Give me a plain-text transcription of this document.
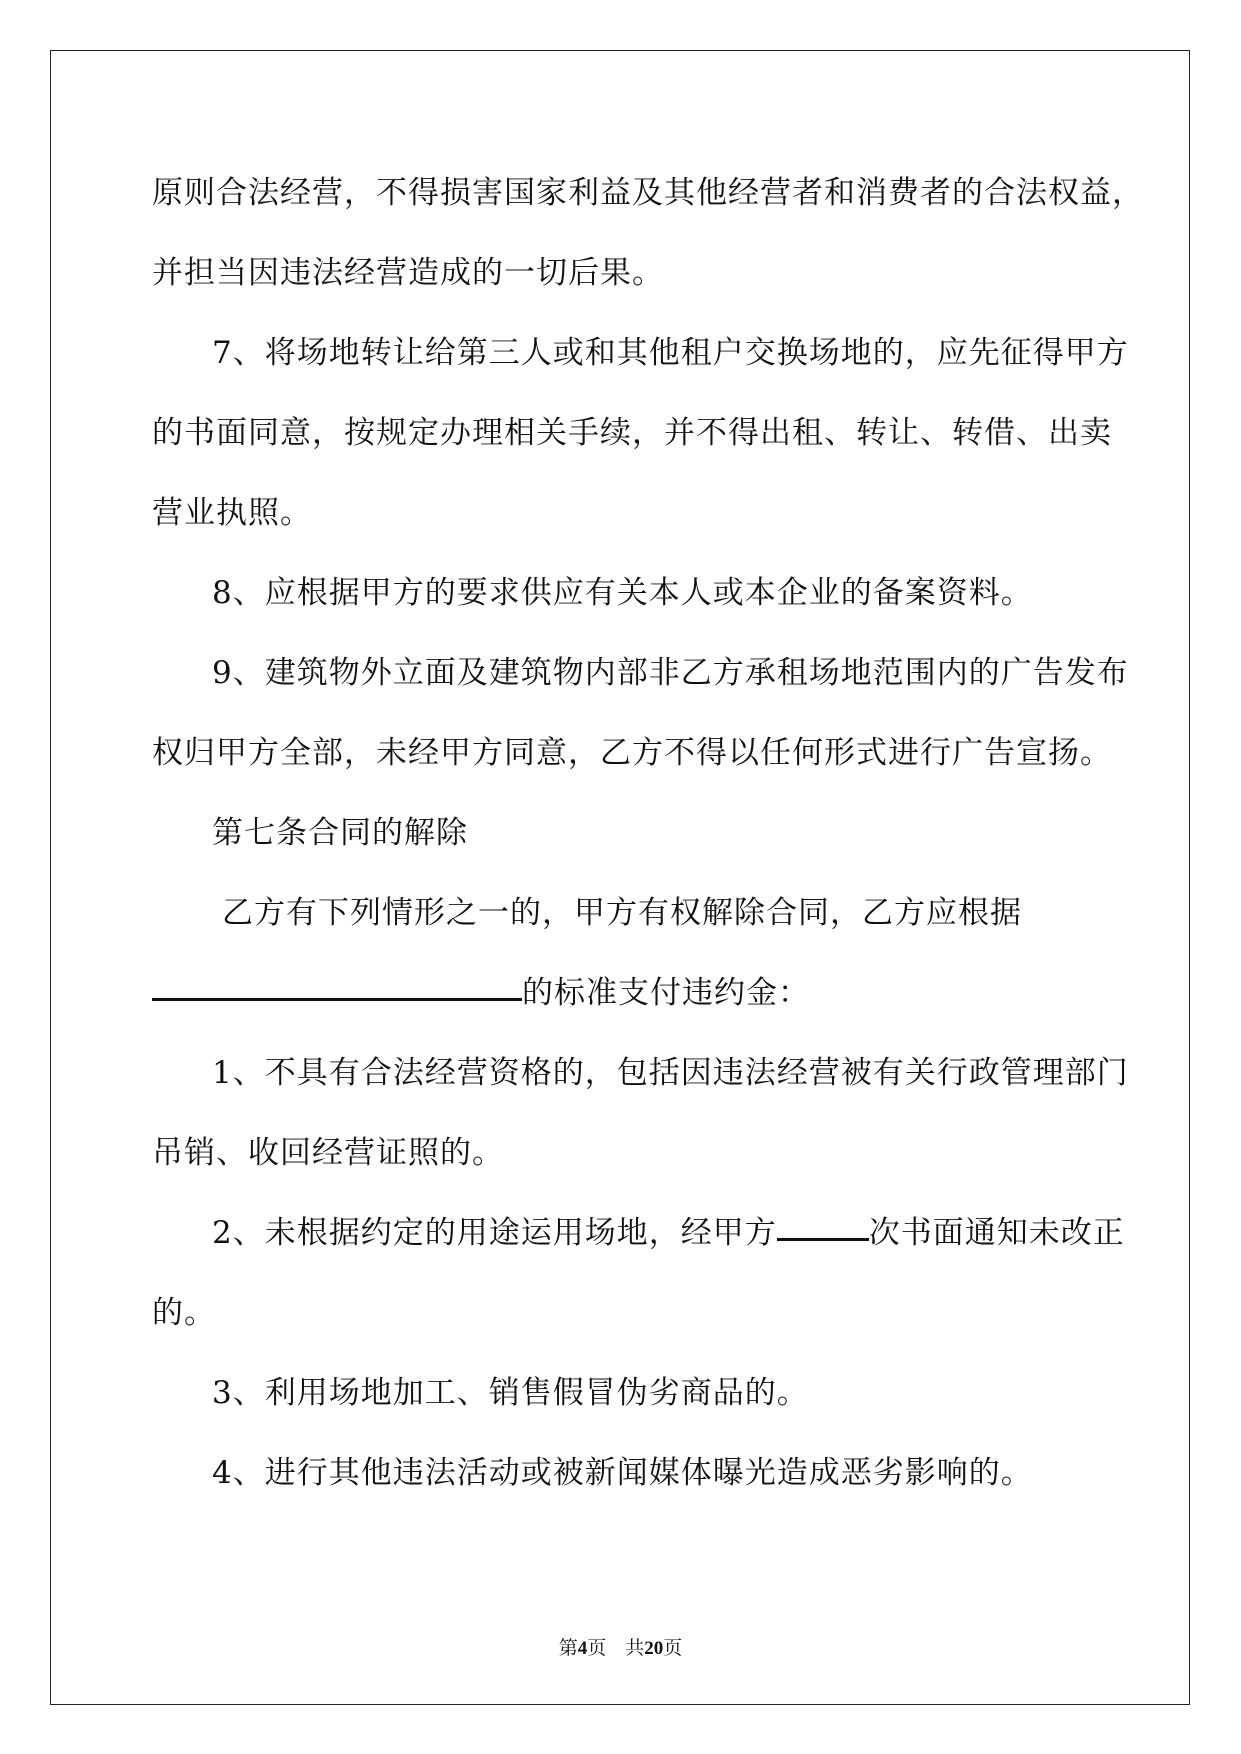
原则合法经营，不得损害国家利益及其他经营者和消费者的合法权益，
并担当因违法经营造成的一切后果。
7、将场地转让给第三人或和其他租户交换场地的，应先征得甲方
的书面同意，按规定办理相关手续，并不得出租、转让、转借、出卖
营业执照。
8、应根据甲方的要求供应有关本人或本企业的备案资料。
9、建筑物外立面及建筑物内部非乙方承租场地范围内的广告发布
权归甲方全部，未经甲方同意，乙方不得以任何形式进行广告宣扬。
第七条合同的解除
乙方有下列情形之一的，甲方有权解除合同，乙方应根据
的标准支付违约金：
1、不具有合法经营资格的，包括因违法经营被有关行政管理部门
吊销、收回经营证照的。
2、未根据约定的用途运用场地，经甲方	次书面通知未改正
的。
3、利用场地加工、销售假冒伪劣商品的。
4、进行其他违法活动或被新闻媒体曝光造成恶劣影响的。
第4页 共20页
